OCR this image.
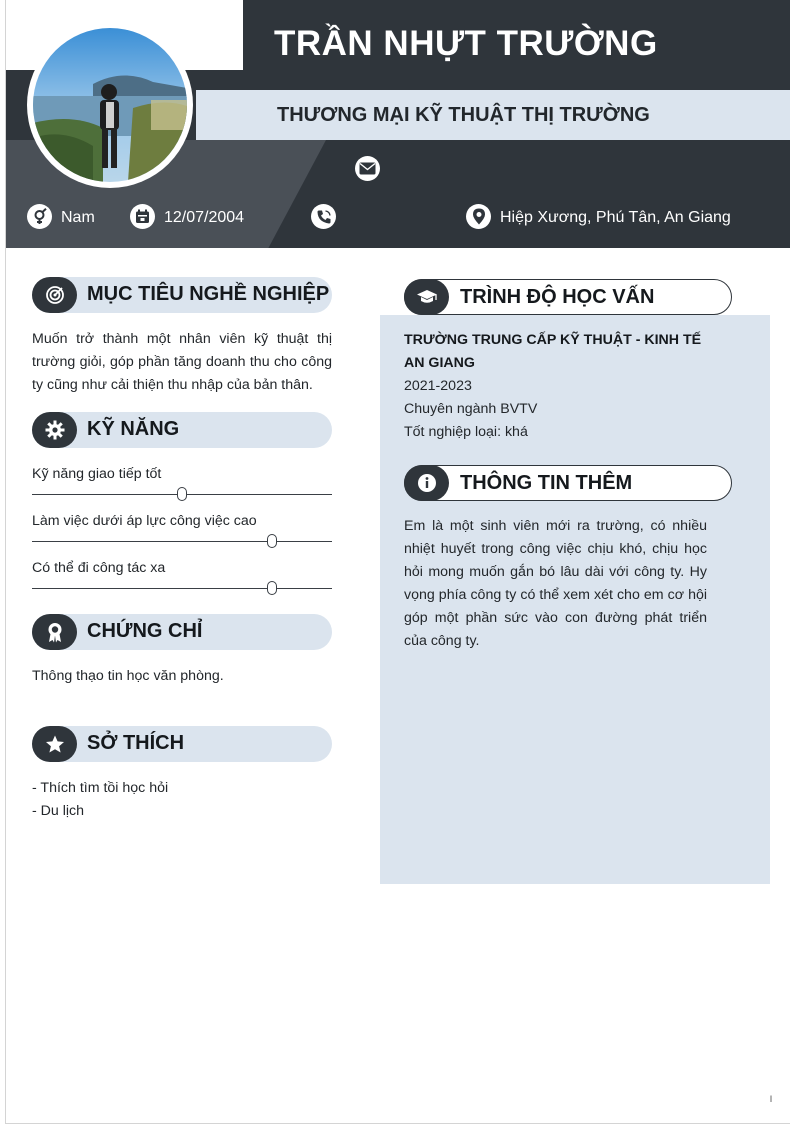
TRẦN NHỰT TRƯỜNG
THƯƠNG MẠI KỸ THUẬT THỊ TRƯỜNG
Nam	12/07/2004	Hiệp Xương, Phú Tân, An Giang
MỤC TIÊU NGHỀ NGHIỆP
Muốn trở thành một nhân viên kỹ thuật thị trường giỏi, góp phần tăng doanh thu cho công ty cũng như cải thiện thu nhập của bản thân.
KỸ NĂNG
Kỹ năng giao tiếp tốt
Làm việc dưới áp lực công việc cao
Có thể đi công tác xa
CHỨNG CHỈ
Thông thạo tin học văn phòng.
SỞ THÍCH
- Thích tìm tồi học hỏi
- Du lịch
TRÌNH ĐỘ HỌC VẤN
TRƯỜNG TRUNG CẤP KỸ THUẬT - KINH TẾ AN GIANG
2021-2023
Chuyên ngành BVTV
Tốt nghiệp loại: khá
THÔNG TIN THÊM
Em là một sinh viên mới ra trường, có nhiều nhiệt huyết trong công việc chịu khó, chịu học hỏi mong muốn gắn bó lâu dài với công ty. Hy vọng phía công ty có thể xem xét cho em cơ hội góp một phần sức vào con đường phát triển của công ty.
l
